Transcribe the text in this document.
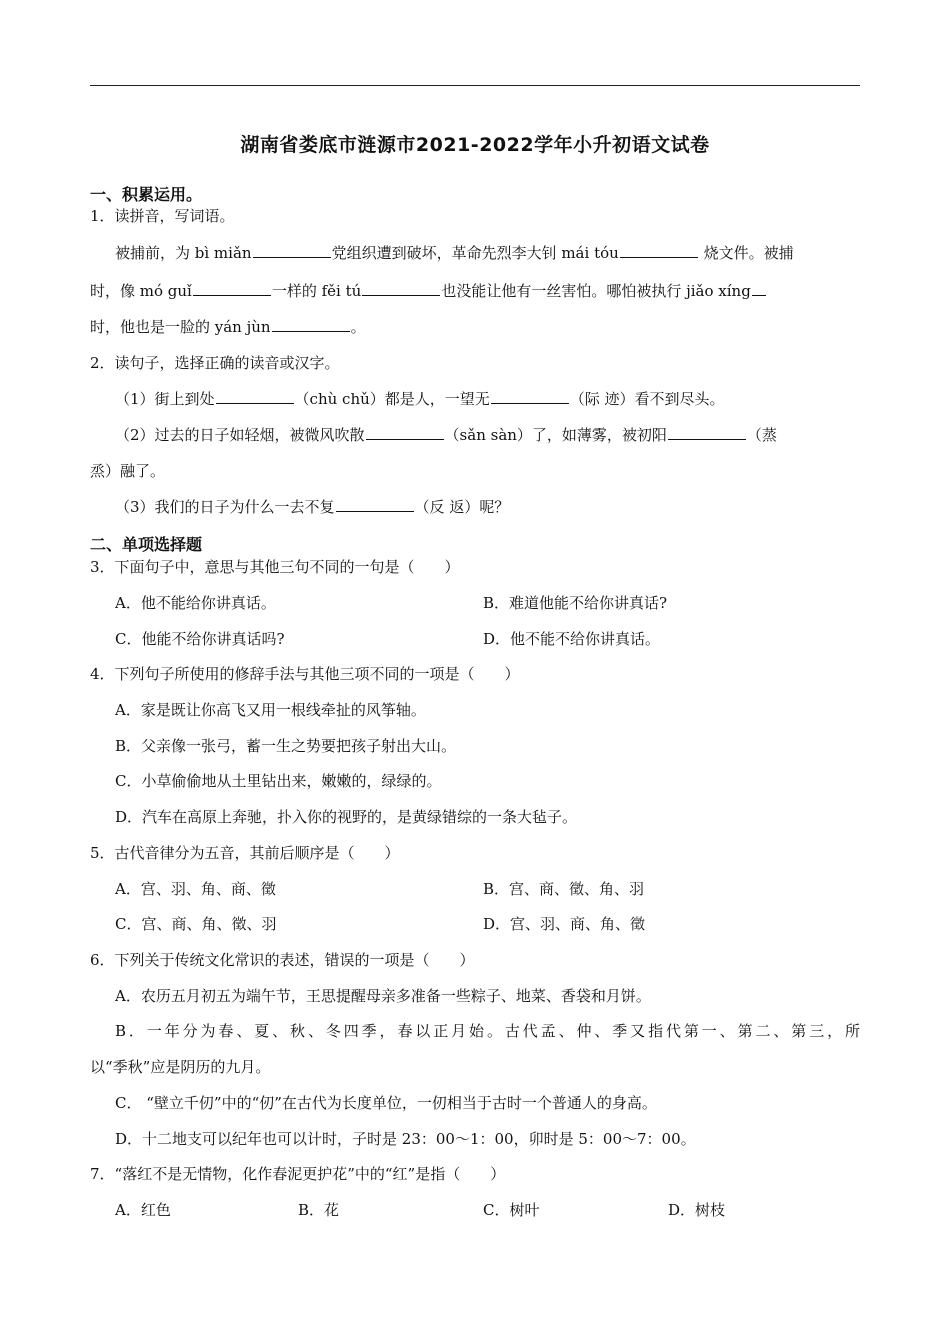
湖南省娄底市涟源市2021-2022学年小升初语文试卷
一、积累运用。
1．读拼音，写词语。
被捕前，为 bì miǎn	党组织遭到破坏，革命先烈李大钊 mái tóu	烧文件。被捕
时，像 mó guǐ	一样的 fěi tú	也没能让他有一丝害怕。哪怕被执行 jiǎo xíng
时，他也是一脸的 yán jùn	。
2．读句子，选择正确的读音或汉字。
（1）街上到处	（chù chǔ）都是人，一望无	（际 迹）看不到尽头。
（2）过去的日子如轻烟，被微风吹散	（sǎn sàn）了，如薄雾，被初阳	（蒸
烝）融了。
（3）我们的日子为什么一去不复	（反 返）呢？
二、单项选择题
3．下面句子中，意思与其他三句不同的一句是（　　）
A．他不能给你讲真话。	B．难道他能不给你讲真话?
C．他能不给你讲真话吗?	D．他不能不给你讲真话。
4．下列句子所使用的修辞手法与其他三项不同的一项是（　　）
A．家是既让你高飞又用一根线牵扯的风筝轴。
B．父亲像一张弓，蓄一生之势要把孩子射出大山。
C．小草偷偷地从土里钻出来，嫩嫩的，绿绿的。
D．汽车在高原上奔驰，扑入你的视野的，是黄绿错综的一条大毡子。
5．古代音律分为五音，其前后顺序是（　　）
A．宫、羽、角、商、徵	B．宫、商、徵、角、羽
C．宫、商、角、徵、羽	D．宫、羽、商、角、徵
6．下列关于传统文化常识的表述，错误的一项是（　　）
A．农历五月初五为端午节，王思提醒母亲多准备一些粽子、地菜、香袋和月饼。
B．一年分为春、夏、秋、冬四季，春以正月始。古代孟、仲、季又指代第一、第二、第三，所
以“季秋”应是阴历的九月。
C． “壁立千仞”中的“仞”在古代为长度单位，一仞相当于古时一个普通人的身高。
D．十二地支可以纪年也可以计时，子时是 23：00～1：00，卯时是 5：00～7：00。
7．“落红不是无情物，化作春泥更护花”中的“红”是指（　　）
A．红色	B．花	C．树叶	D．树枝
